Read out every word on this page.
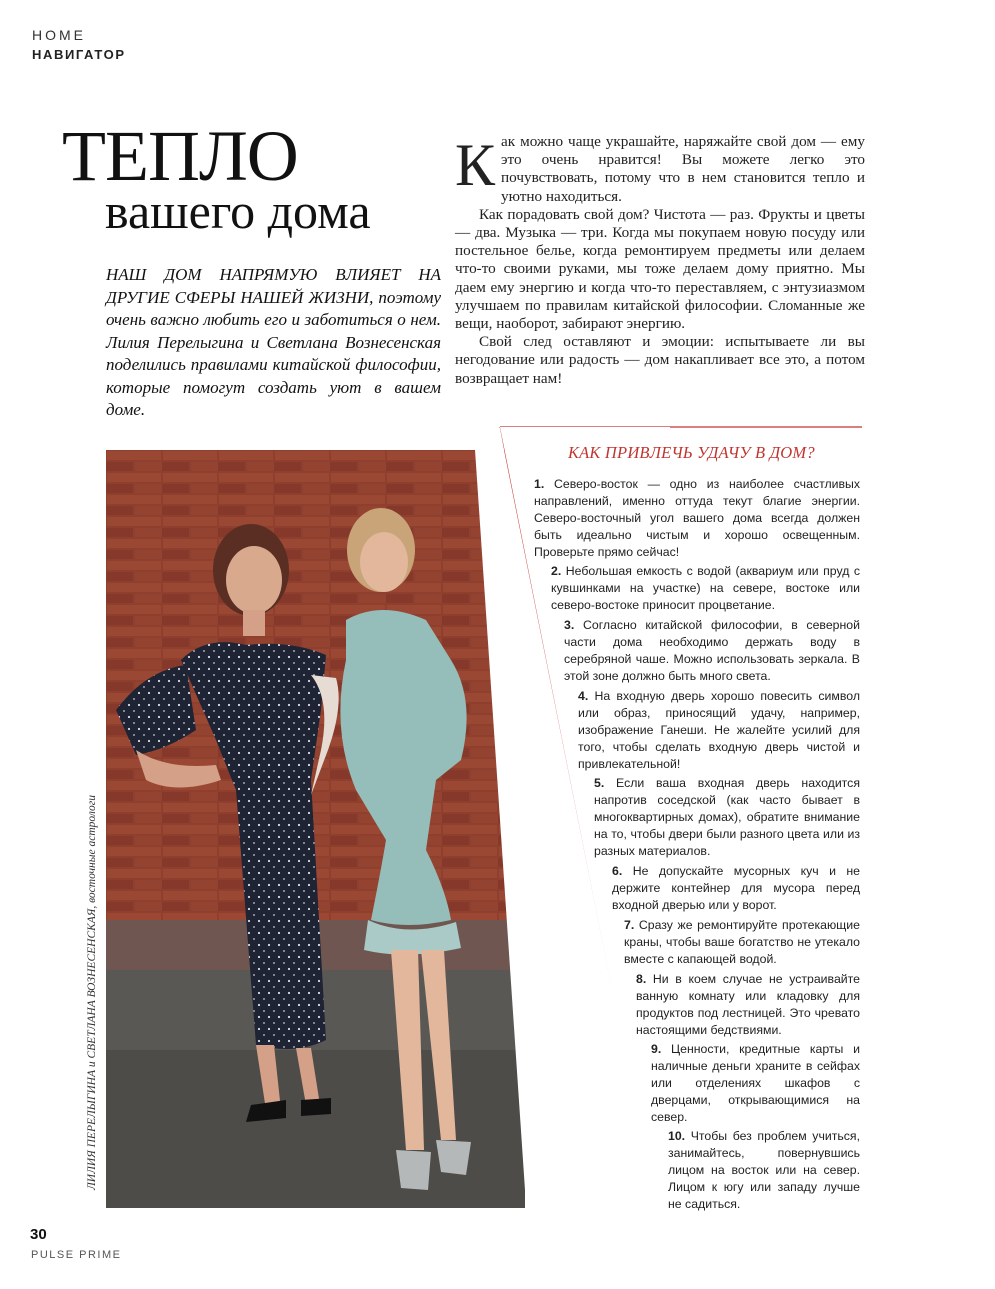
HOME
НАВИГАТОР
ТЕПЛО
вашего дома

НАШ ДОМ НАПРЯМУЮ ВЛИЯЕТ НА ДРУГИЕ СФЕРЫ НАШЕЙ ЖИЗНИ, поэтому очень важно любить его и заботиться о нем. Лилия Перелыгина и Светлана Вознесенская поделились правилами китайской философии, которые помогут создать уют в вашем доме.

К ак можно чаще украшайте, наряжайте свой дом — ему это очень нравится! Вы можете легко это почувствовать, потому что в нем становится тепло и уютно находиться.

Как порадовать свой дом? Чистота — раз. Фрукты и цветы — два. Музыка — три. Когда мы покупаем новую посуду или постельное белье, когда ремонтируем предметы или делаем что-то своими руками, мы тоже делаем дому приятно. Мы даем ему энергию и когда что-то переставляем, с энтузиазмом улучшаем по правилам китайской философии. Сломанные же вещи, наоборот, забирают энергию.

Свой след оставляют и эмоции: испытываете ли вы негодование или радость — дом накапливает все это, а потом возвращает нам!

ЛИЛИЯ ПЕРЕЛЫГИНА и СВЕТЛАНА ВОЗНЕСЕНСКАЯ, восточные астрологи
КАК ПРИВЛЕЧЬ УДАЧУ В ДОМ?

1. Северо-восток — одно из наиболее счастливых направлений, именно оттуда текут благие энергии. Северо-восточный угол вашего дома всегда должен быть идеально чистым и хорошо освещенным. Проверьте прямо сейчас!

2. Небольшая емкость с водой (аквариум или пруд с кувшинками на участке) на севере, востоке или северо-востоке приносит процветание.

3. Согласно китайской философии, в северной части дома необходимо держать воду в серебряной чаше. Можно использовать зеркала. В этой зоне должно быть много света.

4. На входную дверь хорошо повесить символ или образ, приносящий удачу, например, изображение Ганеши. Не жалейте усилий для того, чтобы сделать входную дверь чистой и привлекательной!

5. Если ваша входная дверь находится напротив соседской (как часто бывает в многоквартирных домах), обратите внимание на то, чтобы двери были разного цвета или из разных материалов.

6. Не допускайте мусорных куч и не держите контейнер для мусора перед входной дверью или у ворот.

7. Сразу же ремонтируйте протекающие краны, чтобы ваше богатство не утекало вместе с капающей водой.

8. Ни в коем случае не устраивайте ванную комнату или кладовку для продуктов под лестницей. Это чревато настоящими бедствиями.

9. Ценности, кредитные карты и наличные деньги храните в сейфах или отделениях шкафов с дверцами, открывающимися на север.

10. Чтобы без проблем учиться, занимайтесь, повернувшись лицом на восток или на север. Лицом к югу или западу лучше не садиться.

30
PULSE PRIME
